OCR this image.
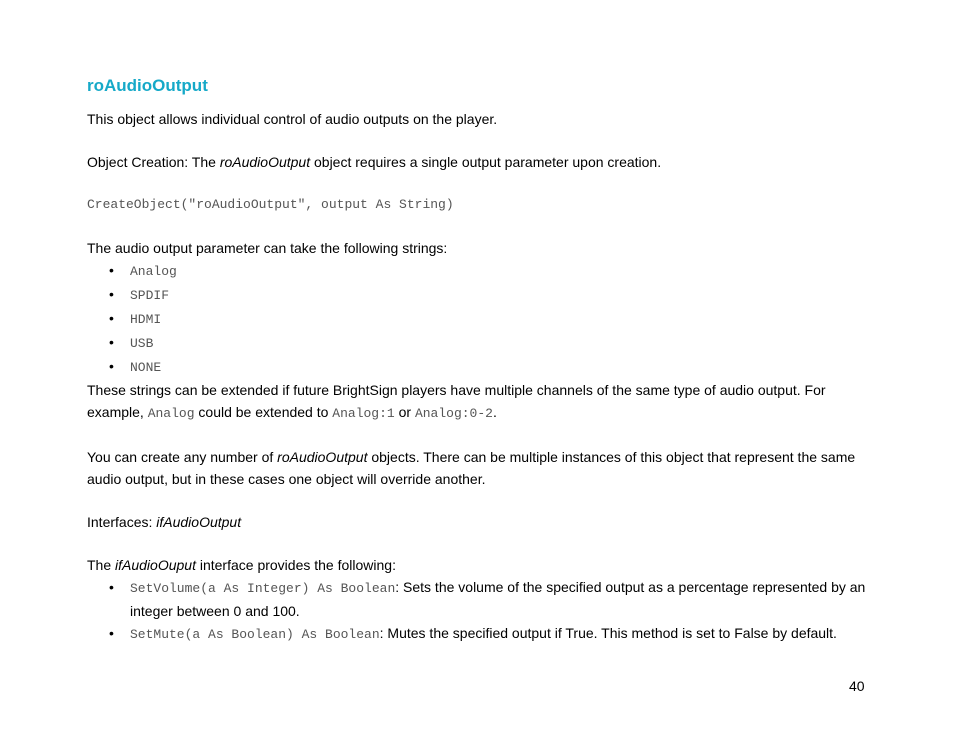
roAudioOutput

This object allows individual control of audio outputs on the player.

Object Creation: The roAudioOutput object requires a single output parameter upon creation.

CreateObject("roAudioOutput", output As String)

The audio output parameter can take the following strings:

• Analog
• SPDIF
• HDMI
• USB
• NONE

These strings can be extended if future BrightSign players have multiple channels of the same type of audio output. For example, Analog could be extended to Analog:1 or Analog:0-2.

You can create any number of roAudioOutput objects. There can be multiple instances of this object that represent the same audio output, but in these cases one object will override another.

Interfaces: ifAudioOutput

The ifAudioOuput interface provides the following:

• SetVolume(a As Integer) As Boolean: Sets the volume of the specified output as a percentage represented by an integer between 0 and 100.
• SetMute(a As Boolean) As Boolean: Mutes the specified output if True. This method is set to False by default.
40
